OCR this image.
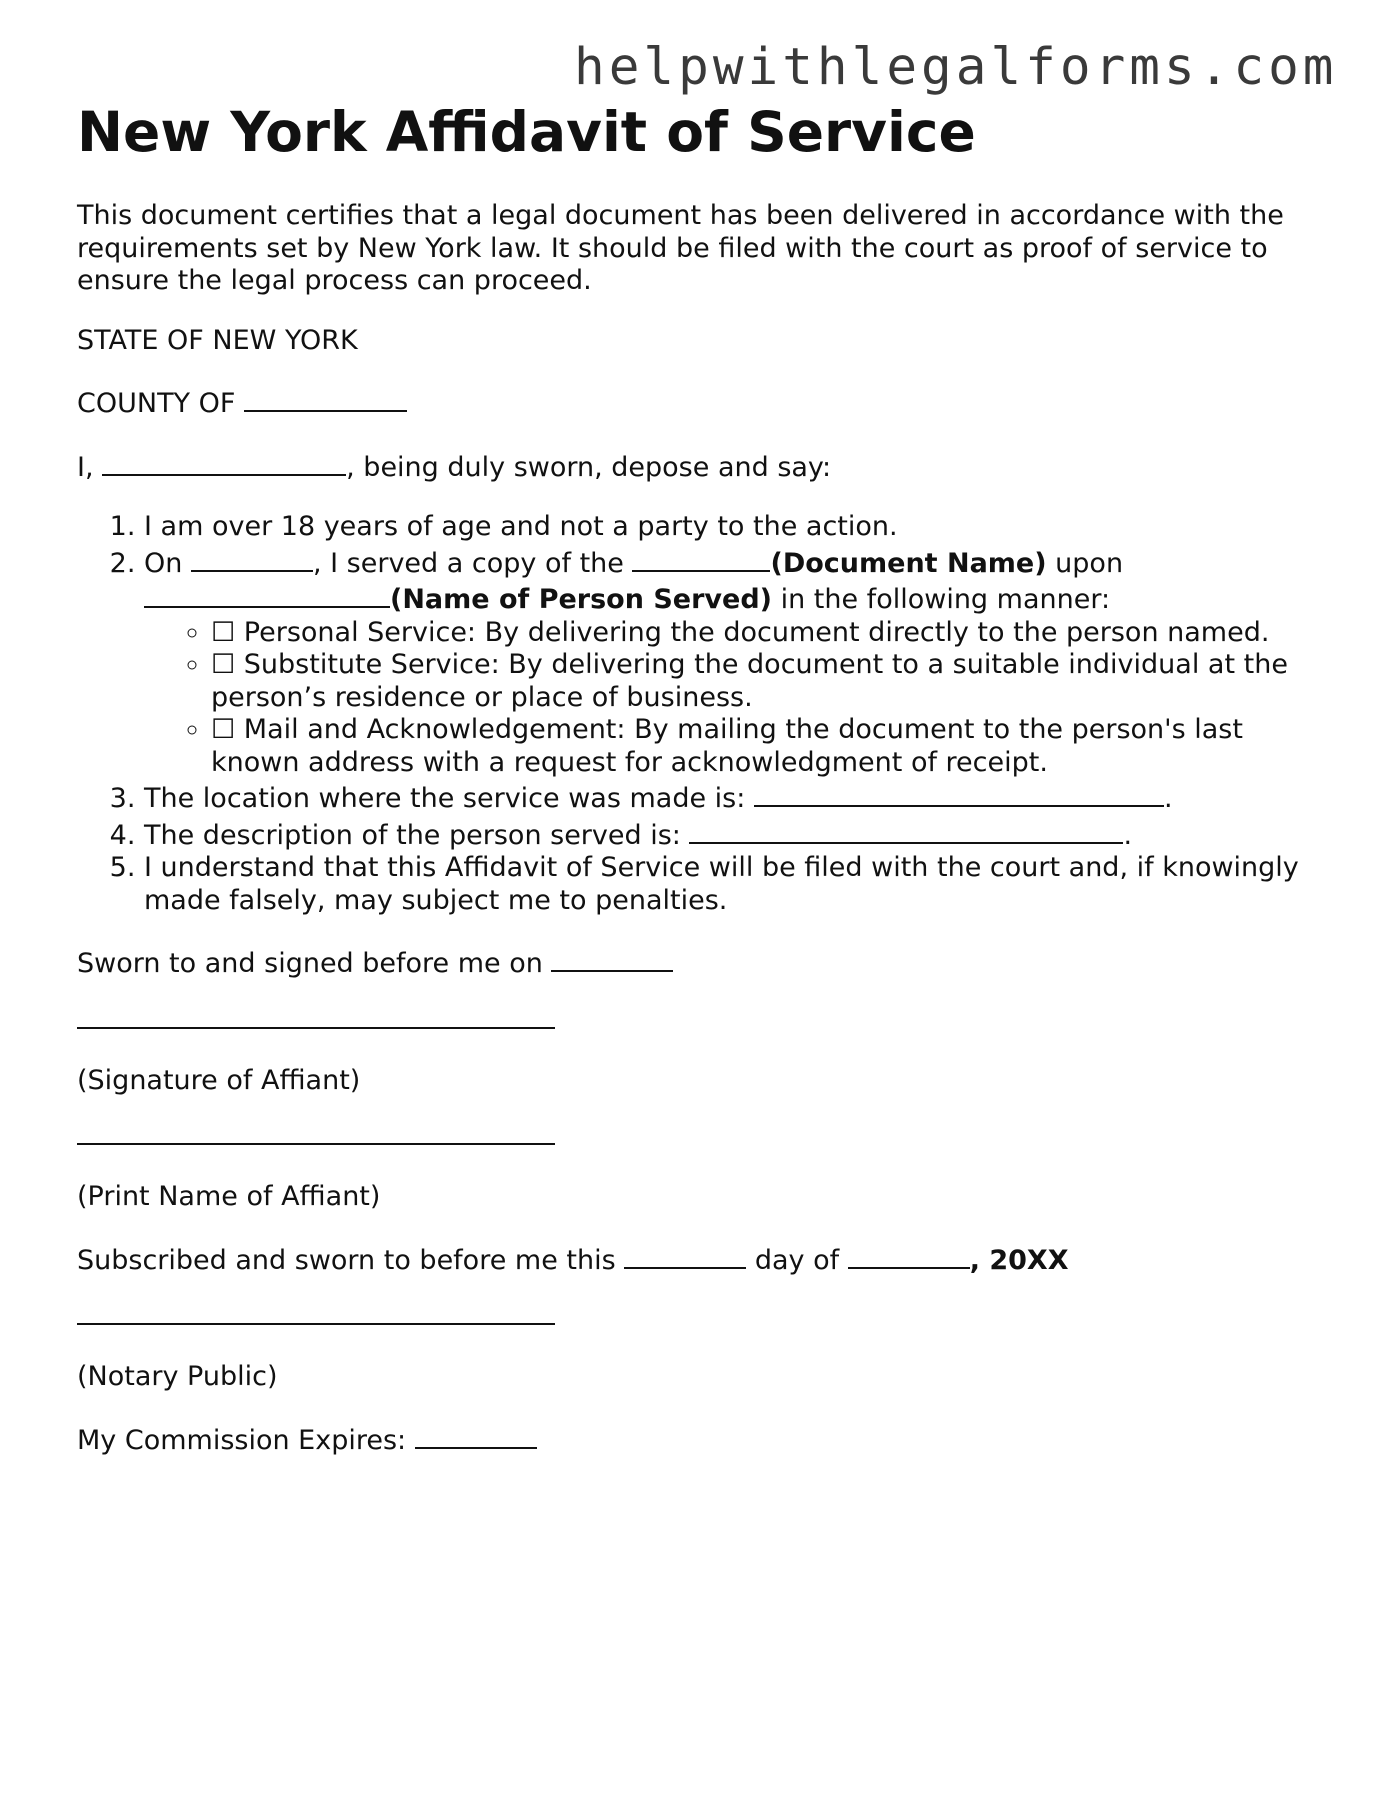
helpwithlegalforms.com
New York Affidavit of Service

This document certifies that a legal document has been delivered in accordance with the requirements set by New York law. It should be filed with the court as proof of service to ensure the legal process can proceed.

STATE OF NEW YORK

COUNTY OF

I,	, being duly sworn, depose and say:

1. I am over 18 years of age and not a party to the action.
2. On	, I served a copy of the	(Document Name) upon (Name of Person Served) in the following manner:
◦ ☐ Personal Service: By delivering the document directly to the person named.
◦ ☐ Substitute Service: By delivering the document to a suitable individual at the person’s residence or place of business.
◦ ☐ Mail and Acknowledgement: By mailing the document to the person's last known address with a request for acknowledgment of receipt.
3. The location where the service was made is:	.
4. The description of the person served is:	.
5. I understand that this Affidavit of Service will be filed with the court and, if knowingly made falsely, may subject me to penalties.

Sworn to and signed before me on

(Signature of Affiant)

(Print Name of Affiant)

Subscribed and sworn to before me this	day of	, 20XX

(Notary Public)

My Commission Expires:
